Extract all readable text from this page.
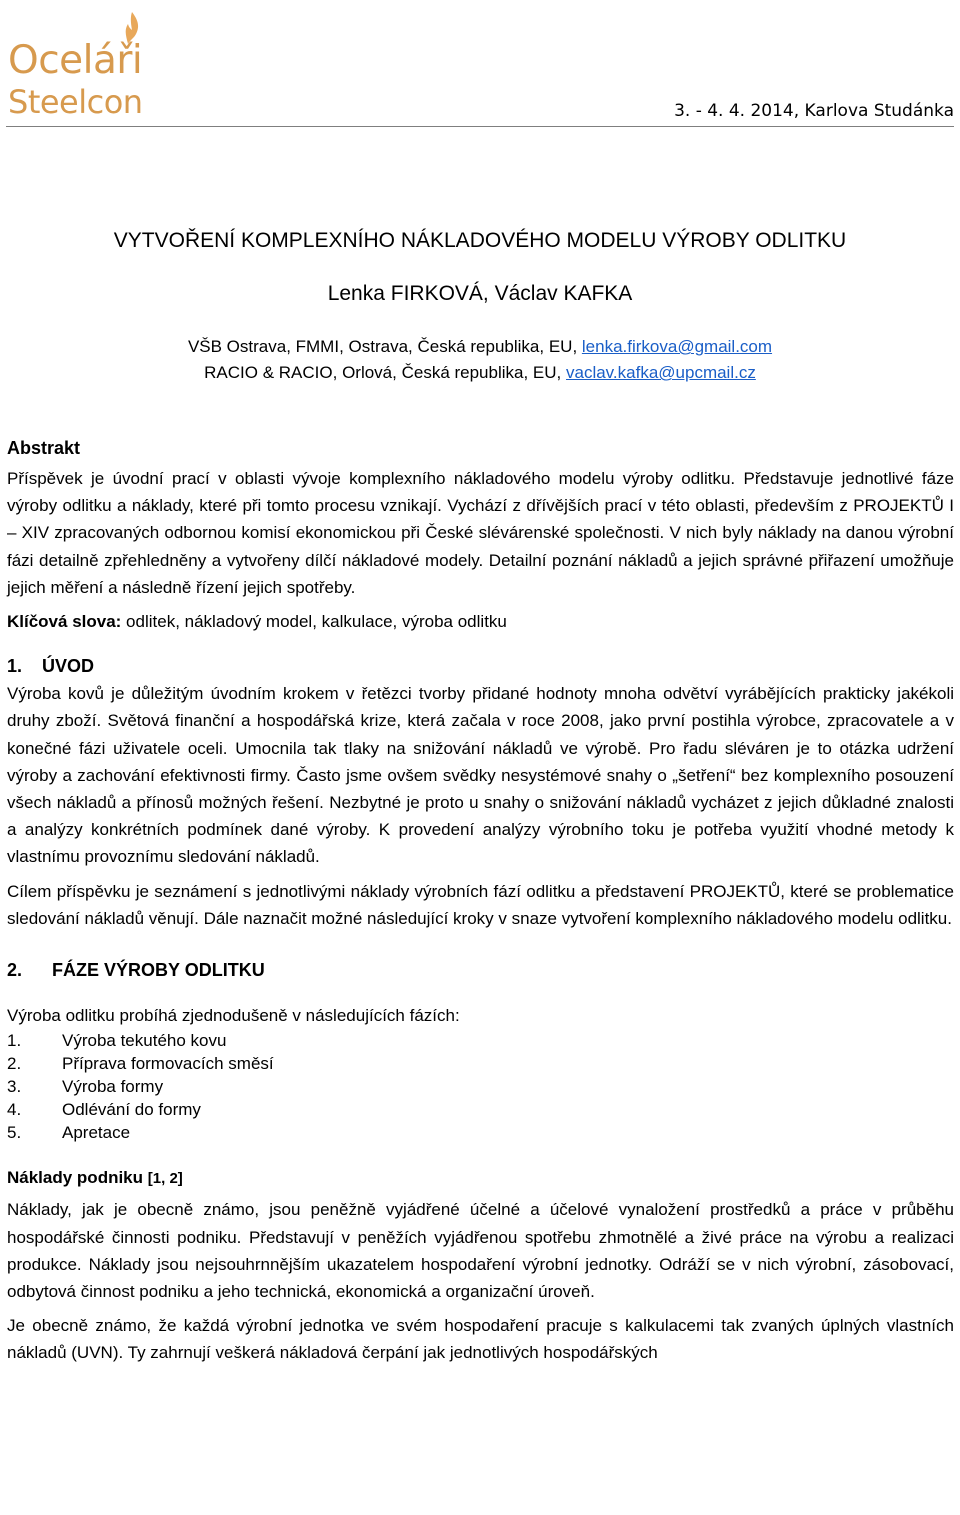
Oceláři
Steelcon	3. - 4. 4. 2014, Karlova Studánka
VYTVOŘENÍ KOMPLEXNÍHO NÁKLADOVÉHO MODELU VÝROBY ODLITKU
Lenka FIRKOVÁ, Václav KAFKA
VŠB Ostrava, FMMI, Ostrava, Česká republika, EU, lenka.firkova@gmail.com
RACIO & RACIO, Orlová, Česká republika, EU, vaclav.kafka@upcmail.cz
Abstrakt

Příspěvek je úvodní prací v oblasti vývoje komplexního nákladového modelu výroby odlitku. Představuje jednotlivé fáze výroby odlitku a náklady, které při tomto procesu vznikají. Vychází z dřívějších prací v této oblasti, především z PROJEKTŮ I – XIV zpracovaných odbornou komisí ekonomickou při České slévárenské společnosti. V nich byly náklady na danou výrobní fázi detailně zpřehledněny a vytvořeny dílčí nákladové modely. Detailní poznání nákladů a jejich správné přiřazení umožňuje jejich měření a následně řízení jejich spotřeby.

Klíčová slova: odlitek, nákladový model, kalkulace, výroba odlitku

1. ÚVOD

Výroba kovů je důležitým úvodním krokem v řetězci tvorby přidané hodnoty mnoha odvětví vyrábějících prakticky jakékoli druhy zboží. Světová finanční a hospodářská krize, která začala v roce 2008, jako první postihla výrobce, zpracovatele a v konečné fázi uživatele oceli. Umocnila tak tlaky na snižování nákladů ve výrobě. Pro řadu sléváren je to otázka udržení výroby a zachování efektivnosti firmy. Často jsme ovšem svědky nesystémové snahy o „šetření“ bez komplexního posouzení všech nákladů a přínosů možných řešení. Nezbytné je proto u snahy o snižování nákladů vycházet z jejich důkladné znalosti a analýzy konkrétních podmínek dané výroby. K provedení analýzy výrobního toku je potřeba využití vhodné metody k vlastnímu provoznímu sledování nákladů.

Cílem příspěvku je seznámení s jednotlivými náklady výrobních fází odlitku a představení PROJEKTŮ, které se problematice sledování nákladů věnují. Dále naznačit možné následující kroky v snaze vytvoření komplexního nákladového modelu odlitku.

2. FÁZE VÝROBY ODLITKU

Výroba odlitku probíhá zjednodušeně v následujících fázích:

1.	Výroba tekutého kovu
2.	Příprava formovacích směsí
3.	Výroba formy
4.	Odlévání do formy
5.	Apretace

Náklady podniku [1, 2]

Náklady, jak je obecně známo, jsou peněžně vyjádřené účelné a účelové vynaložení prostředků a práce v průběhu hospodářské činnosti podniku. Představují v peněžích vyjádřenou spotřebu zhmotnělé a živé práce na výrobu a realizaci produkce. Náklady jsou nejsouhrnnějším ukazatelem hospodaření výrobní jednotky. Odráží se v nich výrobní, zásobovací, odbytová činnost podniku a jeho technická, ekonomická a organizační úroveň.

Je obecně známo, že každá výrobní jednotka ve svém hospodaření pracuje s kalkulacemi tak zvaných úplných vlastních nákladů (UVN). Ty zahrnují veškerá nákladová čerpání jak jednotlivých hospodářských
